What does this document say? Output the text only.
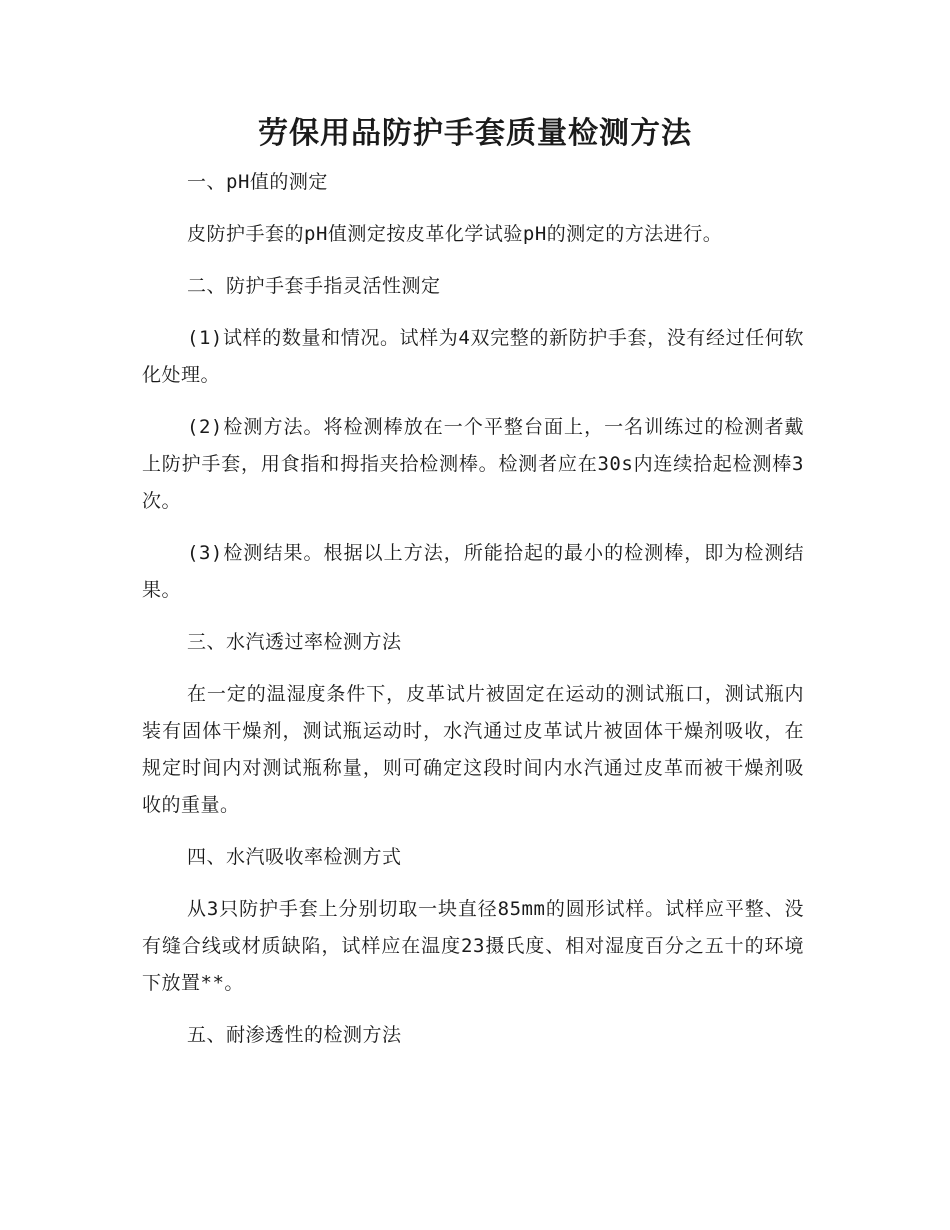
劳保用品防护手套质量检测方法

一、pH值的测定

皮防护手套的pH值测定按皮革化学试验pH的测定的方法进行。

二、防护手套手指灵活性测定

(1)试样的数量和情况。试样为4双完整的新防护手套，没有经过任何软化处理。

(2)检测方法。将检测棒放在一个平整台面上，一名训练过的检测者戴上防护手套，用食指和拇指夹拾检测棒。检测者应在30s内连续拾起检测棒3次。

(3)检测结果。根据以上方法，所能拾起的最小的检测棒，即为检测结果。

三、水汽透过率检测方法

在一定的温湿度条件下，皮革试片被固定在运动的测试瓶口，测试瓶内装有固体干燥剂，测试瓶运动时，水汽通过皮革试片被固体干燥剂吸收，在规定时间内对测试瓶称量，则可确定这段时间内水汽通过皮革而被干燥剂吸收的重量。

四、水汽吸收率检测方式

从3只防护手套上分别切取一块直径85mm的圆形试样。试样应平整、没有缝合线或材质缺陷，试样应在温度23摄氏度、相对湿度百分之五十的环境下放置**。

五、耐渗透性的检测方法
